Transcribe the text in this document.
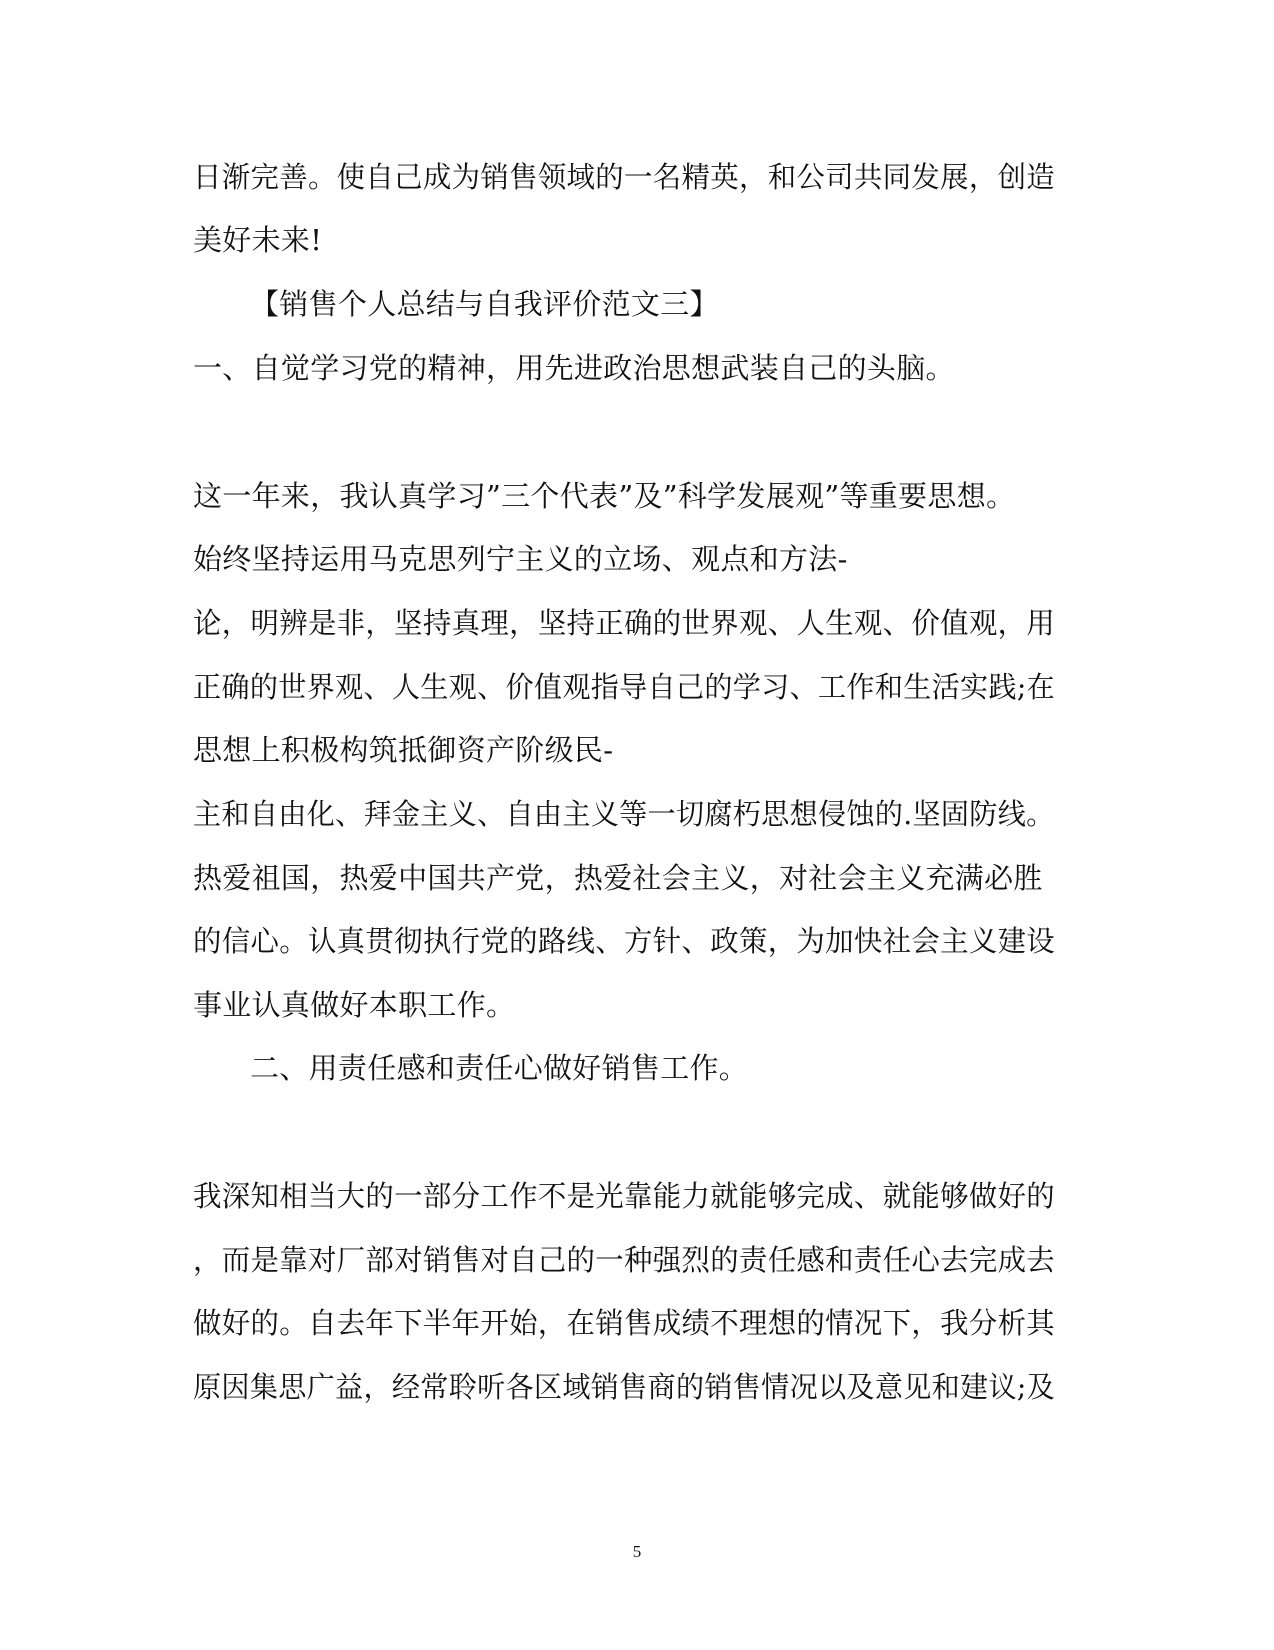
日渐完善。使自己成为销售领域的一名精英，和公司共同发展，创造
美好未来!
【销售个人总结与自我评价范文三】
一、自觉学习党的精神，用先进政治思想武装自己的头脑。
这一年来，我认真学习”三个代表”及”科学发展观”等重要思想。
始终坚持运用马克思列宁主义的立场、观点和方法-
论，明辨是非，坚持真理，坚持正确的世界观、人生观、价值观，用
正确的世界观、人生观、价值观指导自己的学习、工作和生活实践;在
思想上积极构筑抵御资产阶级民-
主和自由化、拜金主义、自由主义等一切腐朽思想侵蚀的.坚固防线。
热爱祖国，热爱中国共产党，热爱社会主义，对社会主义充满必胜
的信心。认真贯彻执行党的路线、方针、政策，为加快社会主义建设
事业认真做好本职工作。
二、用责任感和责任心做好销售工作。
我深知相当大的一部分工作不是光靠能力就能够完成、就能够做好的
，而是靠对厂部对销售对自己的一种强烈的责任感和责任心去完成去
做好的。自去年下半年开始，在销售成绩不理想的情况下，我分析其
原因集思广益，经常聆听各区域销售商的销售情况以及意见和建议;及
5
